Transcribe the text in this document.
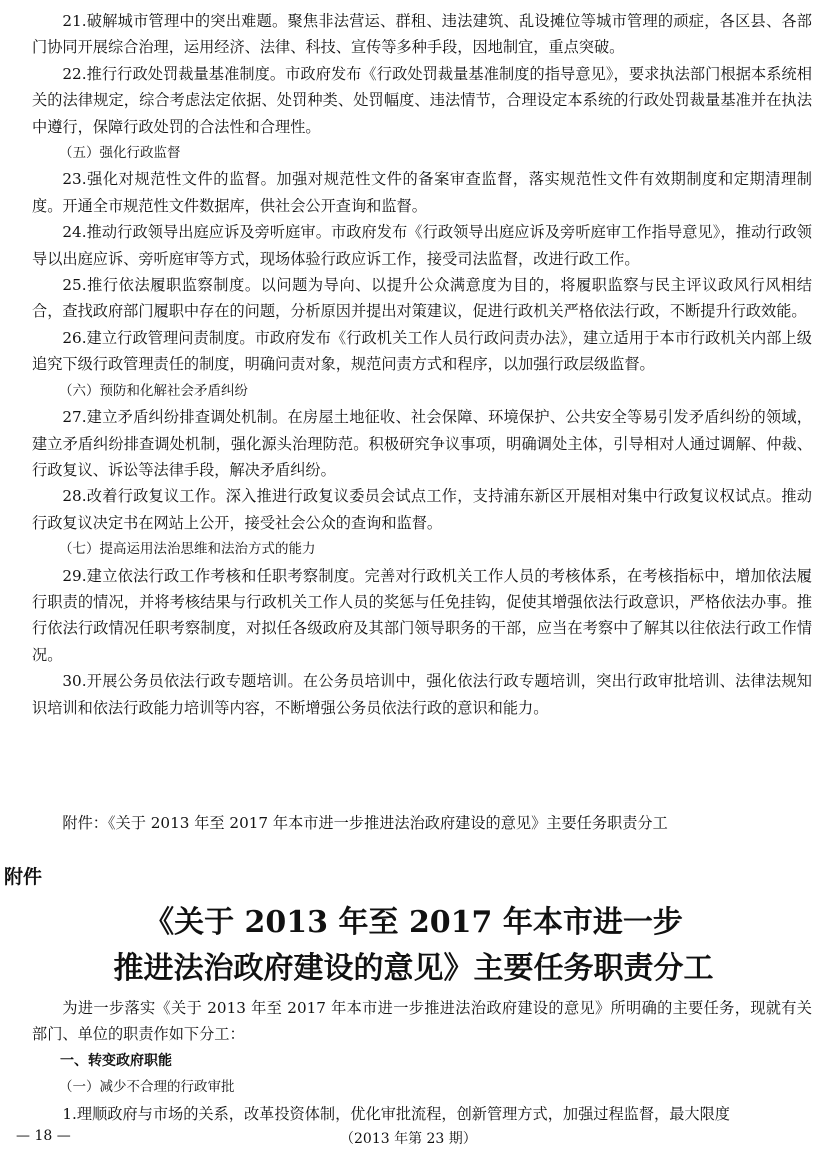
21.破解城市管理中的突出难题。聚焦非法营运、群租、违法建筑、乱设摊位等城市管理的顽症，各区县、各部门协同开展综合治理，运用经济、法律、科技、宣传等多种手段，因地制宜，重点突破。

22.推行行政处罚裁量基准制度。市政府发布《行政处罚裁量基准制度的指导意见》，要求执法部门根据本系统相关的法律规定，综合考虑法定依据、处罚种类、处罚幅度、违法情节，合理设定本系统的行政处罚裁量基准并在执法中遵行，保障行政处罚的合法性和合理性。

（五）强化行政监督

23.强化对规范性文件的监督。加强对规范性文件的备案审查监督，落实规范性文件有效期制度和定期清理制度。开通全市规范性文件数据库，供社会公开查询和监督。

24.推动行政领导出庭应诉及旁听庭审。市政府发布《行政领导出庭应诉及旁听庭审工作指导意见》，推动行政领导以出庭应诉、旁听庭审等方式，现场体验行政应诉工作，接受司法监督，改进行政工作。

25.推行依法履职监察制度。以问题为导向、以提升公众满意度为目的，将履职监察与民主评议政风行风相结合，查找政府部门履职中存在的问题，分析原因并提出对策建议，促进行政机关严格依法行政，不断提升行政效能。

26.建立行政管理问责制度。市政府发布《行政机关工作人员行政问责办法》，建立适用于本市行政机关内部上级追究下级行政管理责任的制度，明确问责对象，规范问责方式和程序，以加强行政层级监督。

（六）预防和化解社会矛盾纠纷

27.建立矛盾纠纷排查调处机制。在房屋土地征收、社会保障、环境保护、公共安全等易引发矛盾纠纷的领域，建立矛盾纠纷排查调处机制，强化源头治理防范。积极研究争议事项，明确调处主体，引导相对人通过调解、仲裁、行政复议、诉讼等法律手段，解决矛盾纠纷。

28.改着行政复议工作。深入推进行政复议委员会试点工作，支持浦东新区开展相对集中行政复议权试点。推动行政复议决定书在网站上公开，接受社会公众的查询和监督。

（七）提高运用法治思维和法治方式的能力

29.建立依法行政工作考核和任职考察制度。完善对行政机关工作人员的考核体系，在考核指标中，增加依法履行职责的情况，并将考核结果与行政机关工作人员的奖惩与任免挂钩，促使其增强依法行政意识，严格依法办事。推行依法行政情况任职考察制度，对拟任各级政府及其部门领导职务的干部，应当在考察中了解其以往依法行政工作情况。

30.开展公务员依法行政专题培训。在公务员培训中，强化依法行政专题培训，突出行政审批培训、法律法规知识培训和依法行政能力培训等内容，不断增强公务员依法行政的意识和能力。

附件：《关于 2013 年至 2017 年本市进一步推进法治政府建设的意见》主要任务职责分工

附件

《关于 2013 年至 2017 年本市进一步
推进法治政府建设的意见》主要任务职责分工

为进一步落实《关于 2013 年至 2017 年本市进一步推进法治政府建设的意见》所明确的主要任务，现就有关部门、单位的职责作如下分工：

一、转变政府职能

（一）减少不合理的行政审批

1.理顺政府与市场的关系，改革投资体制，优化审批流程，创新管理方式，加强过程监督，最大限度

— 18 —	（2013 年第 23 期）
